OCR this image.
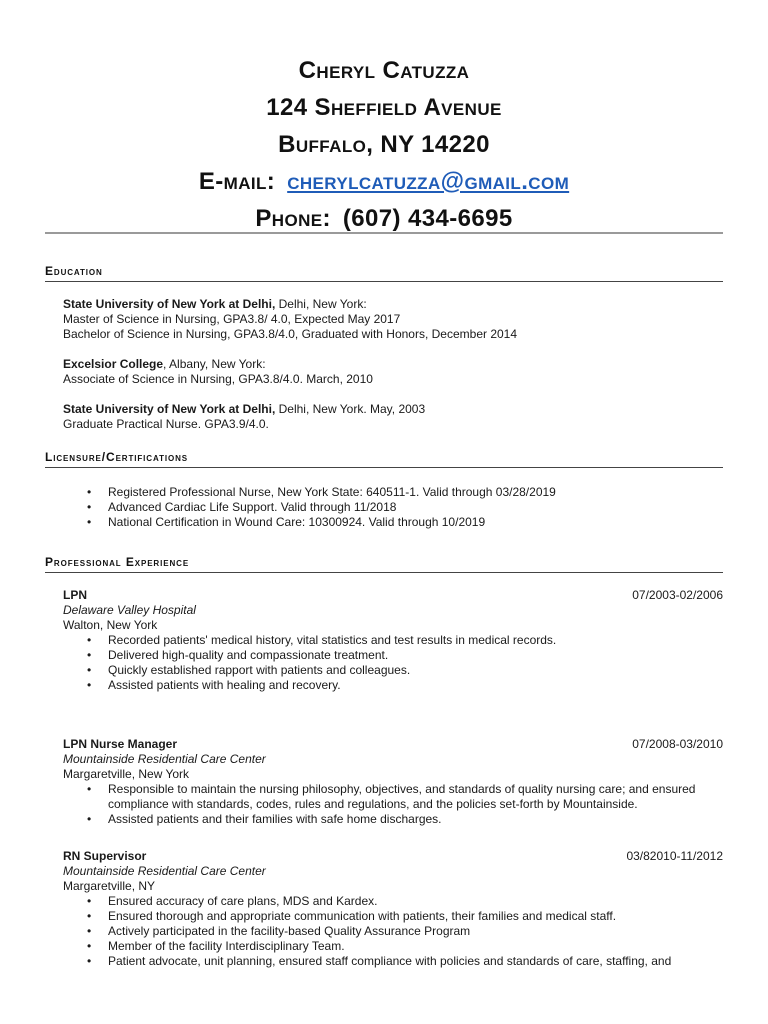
Cheryl Catuzza
124 Sheffield Avenue
Buffalo, NY 14220
E-mail: cherylcatuzza@gmail.com
Phone: (607) 434-6695
Education
State University of New York at Delhi, Delhi, New York:
Master of Science in Nursing, GPA3.8/ 4.0, Expected May 2017
Bachelor of Science in Nursing, GPA3.8/4.0, Graduated with Honors, December 2014
Excelsior College, Albany, New York:
Associate of Science in Nursing, GPA3.8/4.0. March, 2010
State University of New York at Delhi, Delhi, New York. May, 2003
Graduate Practical Nurse. GPA3.9/4.0.
Licensure/Certifications
• Registered Professional Nurse, New York State: 640511-1. Valid through 03/28/2019
• Advanced Cardiac Life Support. Valid through 11/2018
• National Certification in Wound Care: 10300924. Valid through 10/2019
Professional Experience
LPN	07/2003-02/2006
Delaware Valley Hospital
Walton, New York
• Recorded patients' medical history, vital statistics and test results in medical records.
• Delivered high-quality and compassionate treatment.
• Quickly established rapport with patients and colleagues.
• Assisted patients with healing and recovery.
LPN Nurse Manager	07/2008-03/2010
Mountainside Residential Care Center
Margaretville, New York
• Responsible to maintain the nursing philosophy, objectives, and standards of quality nursing care; and ensured compliance with standards, codes, rules and regulations, and the policies set-forth by Mountainside.
• Assisted patients and their families with safe home discharges.
RN Supervisor	03/82010-11/2012
Mountainside Residential Care Center
Margaretville, NY
• Ensured accuracy of care plans, MDS and Kardex.
• Ensured thorough and appropriate communication with patients, their families and medical staff.
• Actively participated in the facility-based Quality Assurance Program
• Member of the facility Interdisciplinary Team.
• Patient advocate, unit planning, ensured staff compliance with policies and standards of care, staffing, and
